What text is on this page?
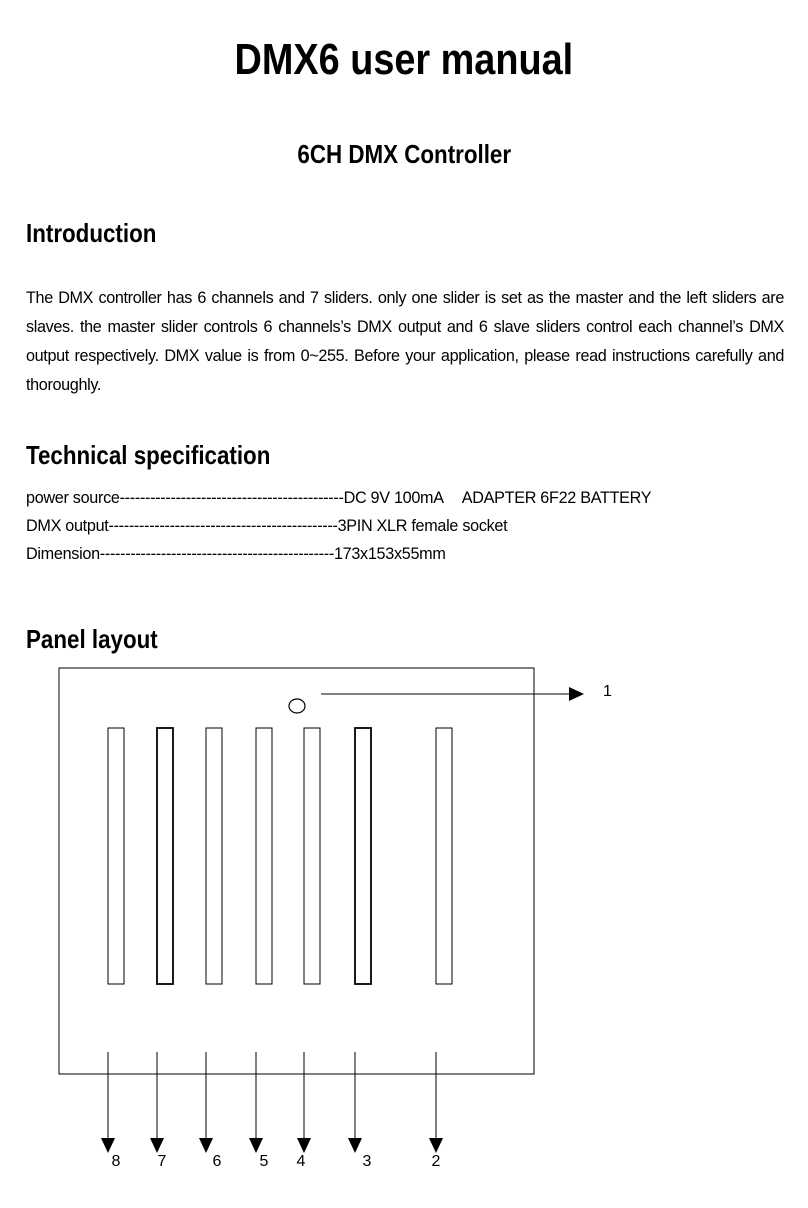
DMX6 user manual
6CH DMX Controller
Introduction

The DMX controller has 6 channels and 7 sliders. only one slider is set as the master and the left sliders are slaves. the master slider controls 6 channels’s DMX output and 6 slave sliders control each channel’s DMX output respectively. DMX value is from 0~255. Before your application, please read instructions carefully and thoroughly.

Technical specification
power source--------------------------------------------DC 9V 100mA ADAPTER 6F22 BATTERY
DMX output---------------------------------------------3PIN XLR female socket
Dimension----------------------------------------------173x153x55mm
Panel layout
1
8 7	6 5 4	3	2
